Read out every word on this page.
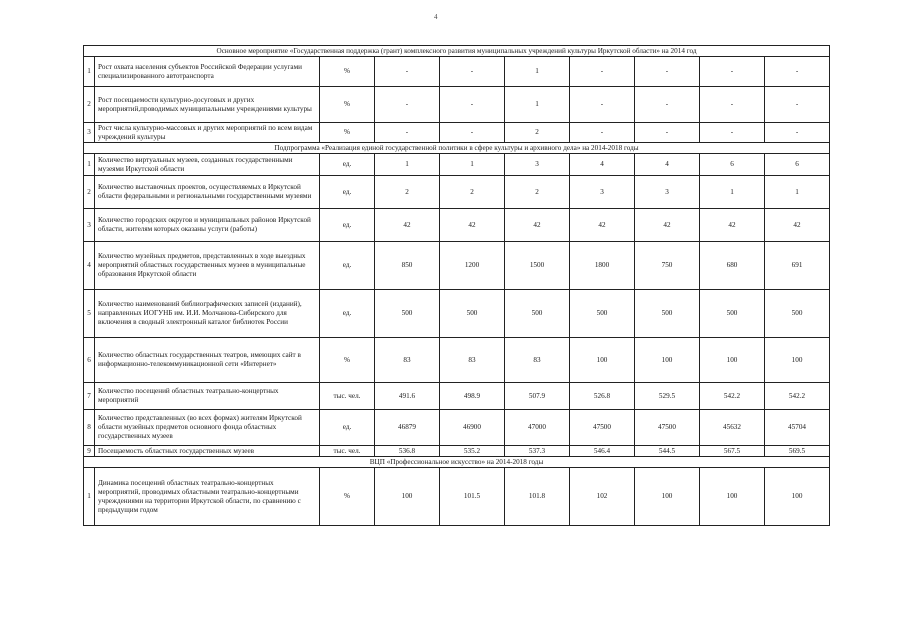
4
Основное мероприятие «Государственная поддержка (грант) комплексного развития муниципальных учреждений культуры Иркутской области» на 2014 год									
1	Рост охвата населения субъектов Российской Федерации услугами специализированного автотранспорта	%	-	-	1	-	-	-	-
2	Рост посещаемости культурно-досуговых и других мероприятий,проводимых муниципальными учреждениями культуры	%	-	-	1	-	-	-	-
3	Рост числа культурно-массовых и других мероприятий по всем видам учреждений культуры	%	-	-	2	-	-	-	-
Подпрограмма «Реализация единой государственной политики в сфере культуры и архивного дела» на 2014-2018 годы									
1	Количество виртуальных музеев, созданных государственными музеями Иркутской области	ед.	1	1	3	4	4	6	6
2	Количество выставочных проектов, осуществляемых в Иркутской области федеральными и региональными государственными музеями	ед.	2	2	2	3	3	1	1
3	Количество городских округов и муниципальных районов Иркутской области, жителям которых оказаны услуги (работы)	ед.	42	42	42	42	42	42	42
4	Количество музейных предметов, представленных в ходе выездных мероприятий областных государственных музеев в муниципальные образования Иркутской области	ед.	850	1200	1500	1800	750	680	691
5	Количество наименований библиографических записей (изданий), направленных ИОГУНБ им. И.И. Молчанова-Сибирского для включения в сводный электронный каталог библиотек России	ед.	500	500	500	500	500	500	500
6	Количество областных государственных театров, имеющих сайт в информационно-телекоммуникационной сети «Интернет»	%	83	83	83	100	100	100	100
7	Количество посещений областных театрально-концертных мероприятий	тыс. чел.	491.6	498.9	507.9	526.8	529.5	542.2	542.2
8	Количество представленных (во всех формах) жителям Иркутской области музейных предметов основного фонда областных государственных музеев	ед.	46879	46900	47000	47500	47500	45632	45704
9	Посещаемость областных государственных музеев	тыс. чел.	536.8	535.2	537.3	546.4	544.5	567.5	569.5
ВЦП «Профессиональное искусство» на 2014-2018 годы									
1	Динамика посещений областных театрально-концертных мероприятий, проводимых областными театрально-концертными учреждениями на территории Иркутской области, по сравнению с предыдущим годом	%	100	101.5	101.8	102	100	100	100
